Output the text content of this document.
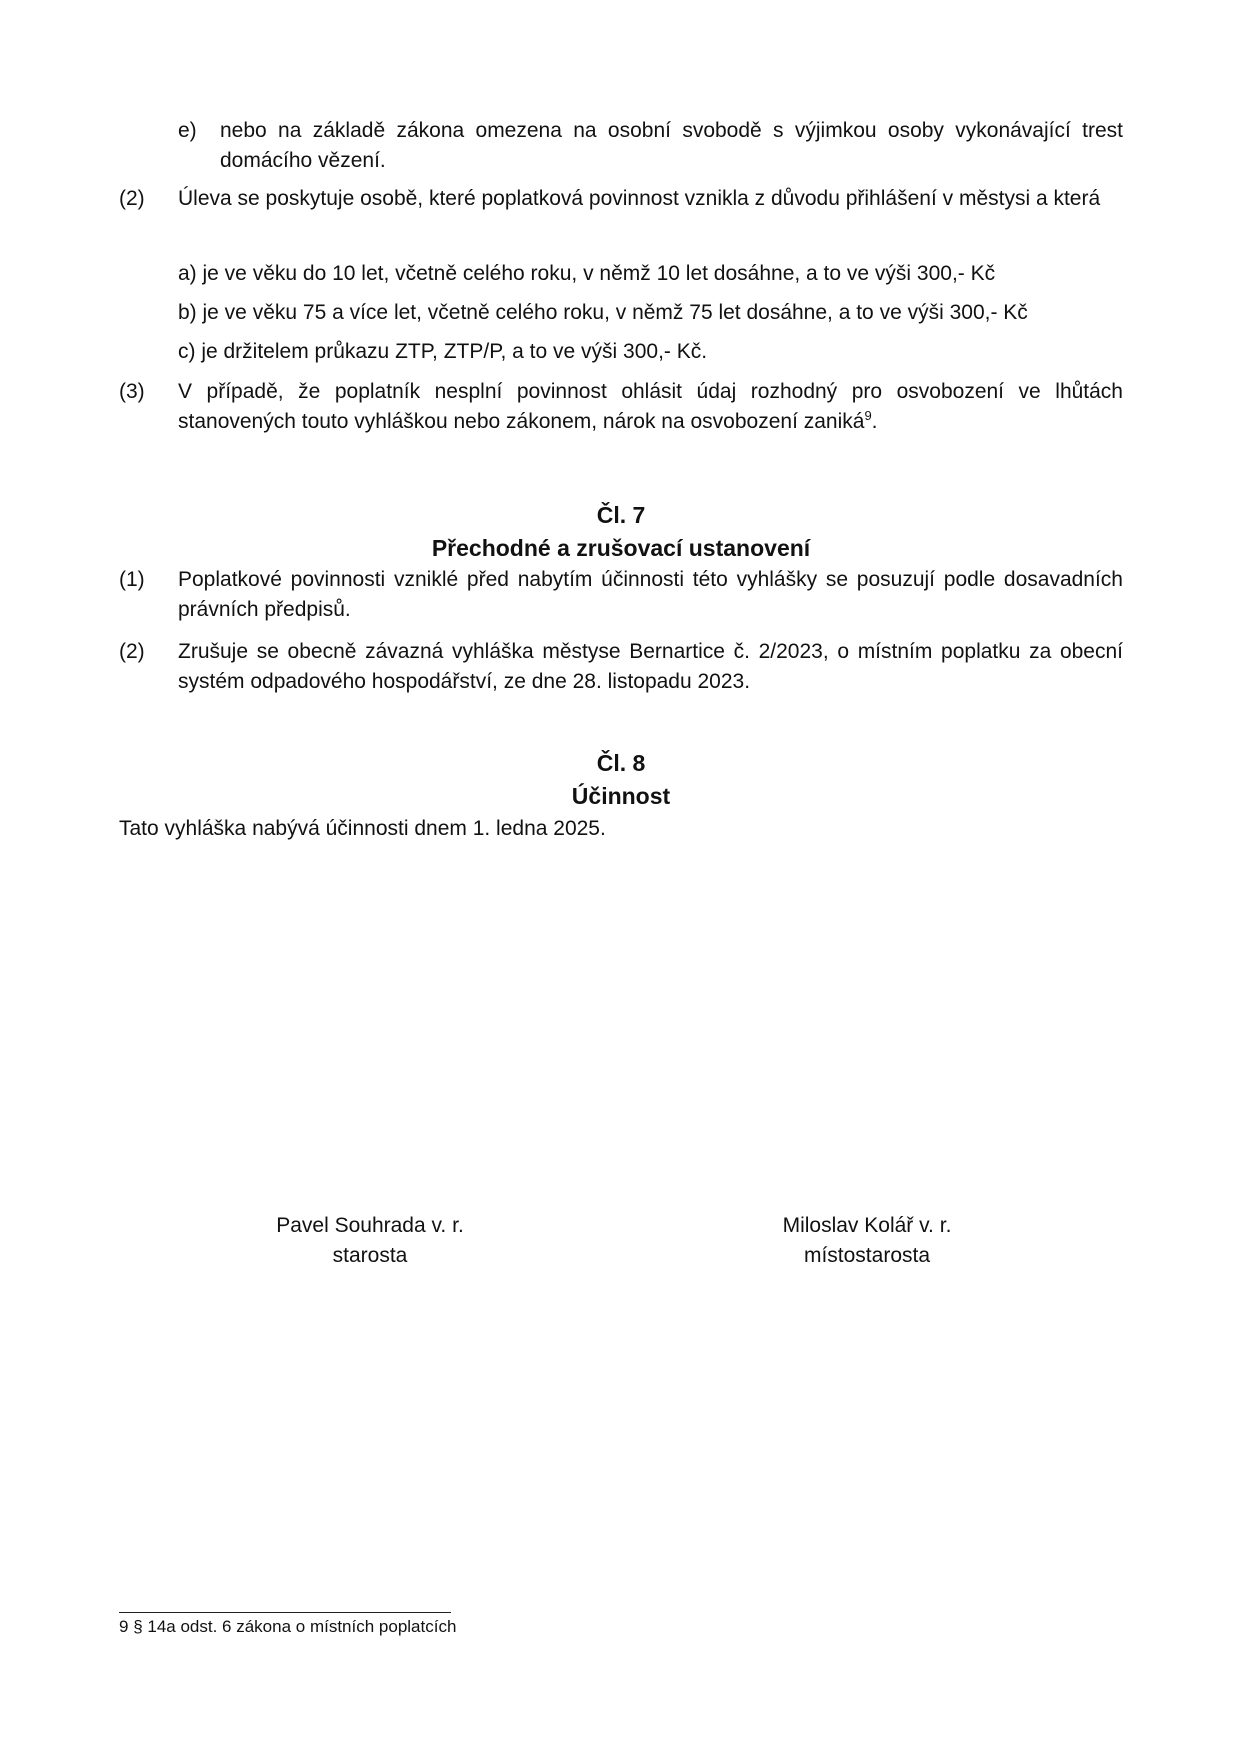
e)	nebo na základě zákona omezena na osobní svobodě s výjimkou osoby vykonávající trest domácího vězení.
(2) Úleva se poskytuje osobě, které poplatková povinnost vznikla z důvodu přihlášení v městysi a která
a) je ve věku do 10 let, včetně celého roku, v němž 10 let dosáhne, a to ve výši 300,- Kč
b) je ve věku 75 a více let, včetně celého roku, v němž 75 let dosáhne, a to ve výši 300,- Kč
c) je držitelem průkazu ZTP, ZTP/P, a to ve výši 300,- Kč.
(3) V případě, že poplatník nesplní povinnost ohlásit údaj rozhodný pro osvobození ve lhůtách stanovených touto vyhláškou nebo zákonem, nárok na osvobození zaniká$^9$.
Čl. 7
Přechodné a zrušovací ustanovení
(1) Poplatkové povinnosti vzniklé před nabytím účinnosti této vyhlášky se posuzují podle dosavadních právních předpisů.
(2) Zrušuje se obecně závazná vyhláška městyse Bernartice č. 2/2023, o místním poplatku za obecní systém odpadového hospodářství, ze dne 28. listopadu 2023.
Čl. 8
Účinnost
Tato vyhláška nabývá účinnosti dnem 1. ledna 2025.
Pavel Souhrada v. r.
starosta
Miloslav Kolář v. r.
místostarosta
9 § 14a odst. 6 zákona o místních poplatcích
